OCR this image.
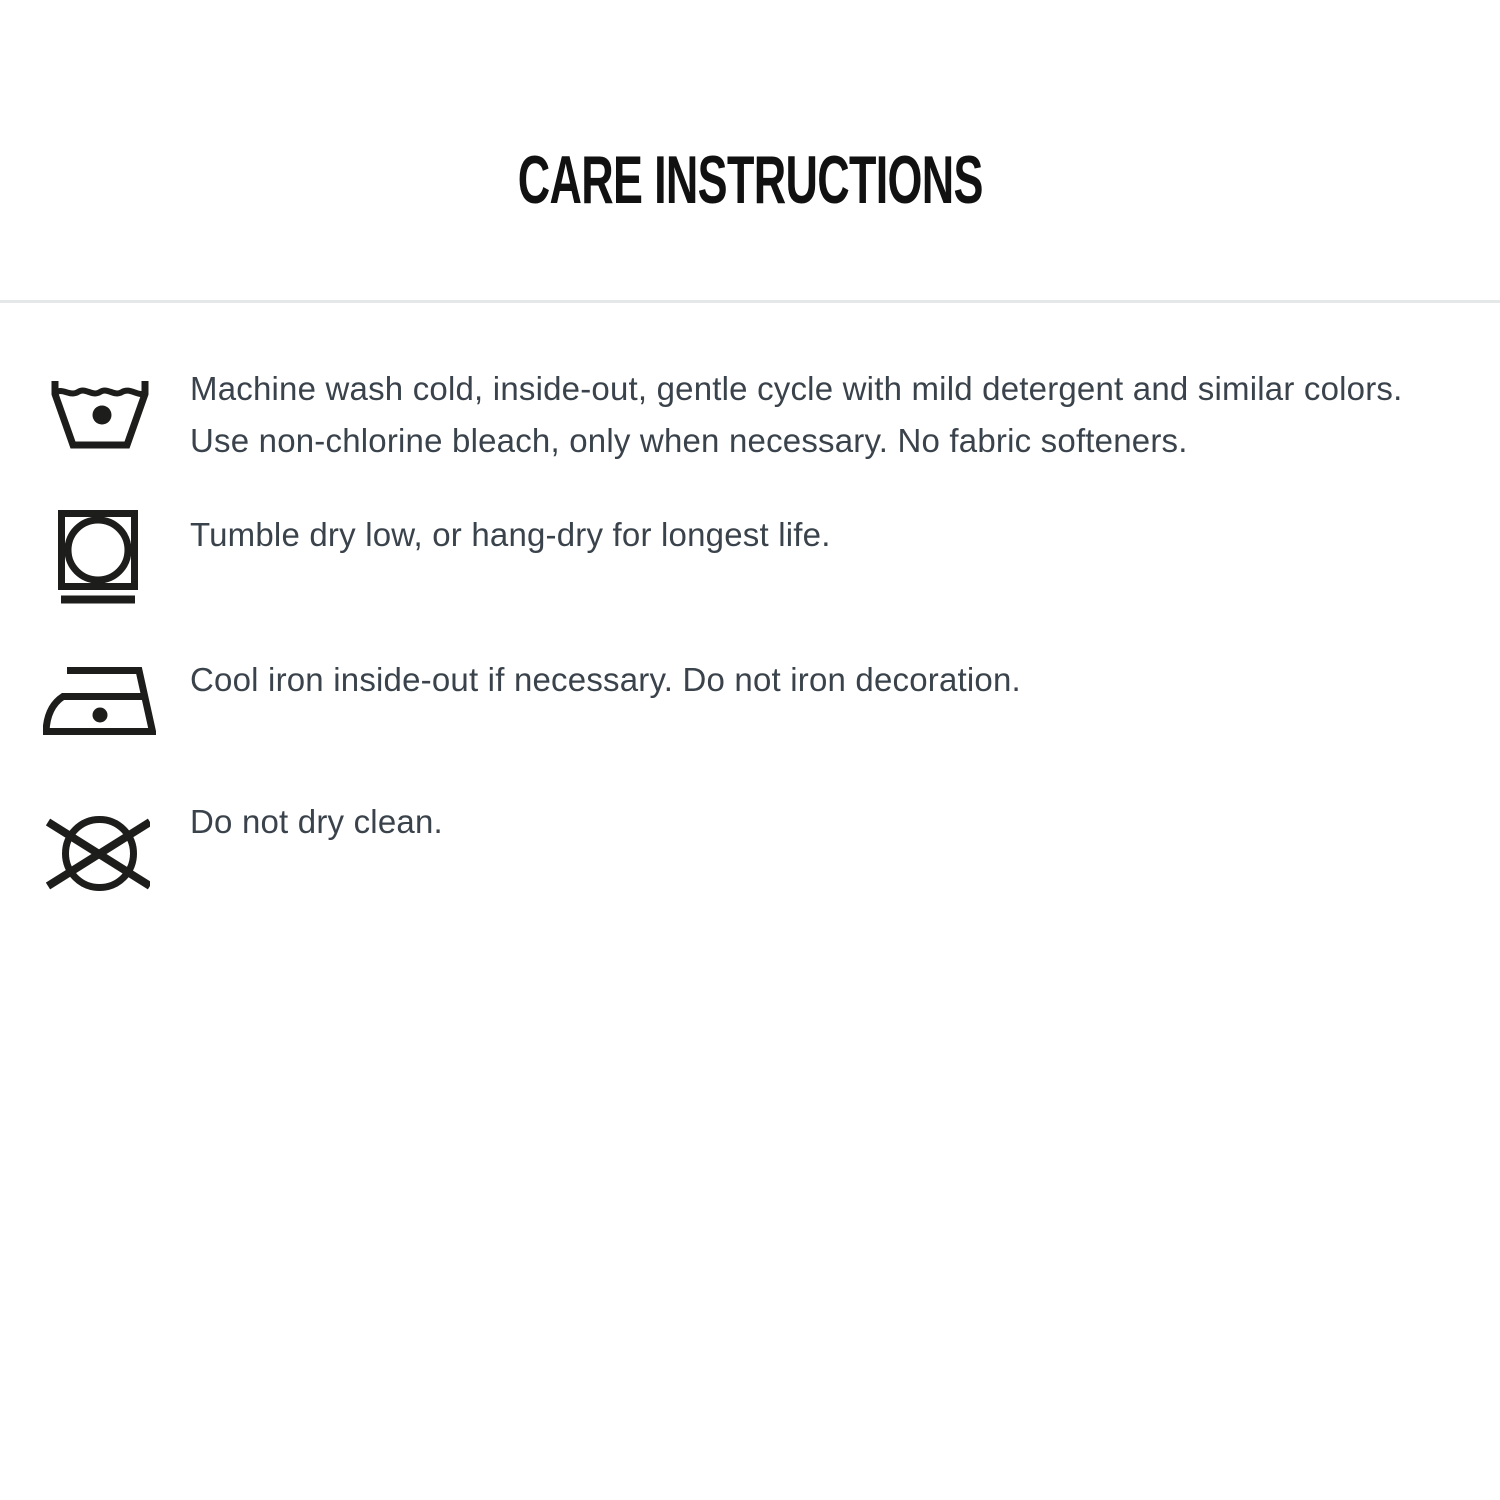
CARE INSTRUCTIONS

Machine wash cold, inside-out, gentle cycle with mild detergent and similar colors. Use non-chlorine bleach, only when necessary. No fabric softeners.

Tumble dry low, or hang-dry for longest life.

Cool iron inside-out if necessary. Do not iron decoration.

Do not dry clean.
